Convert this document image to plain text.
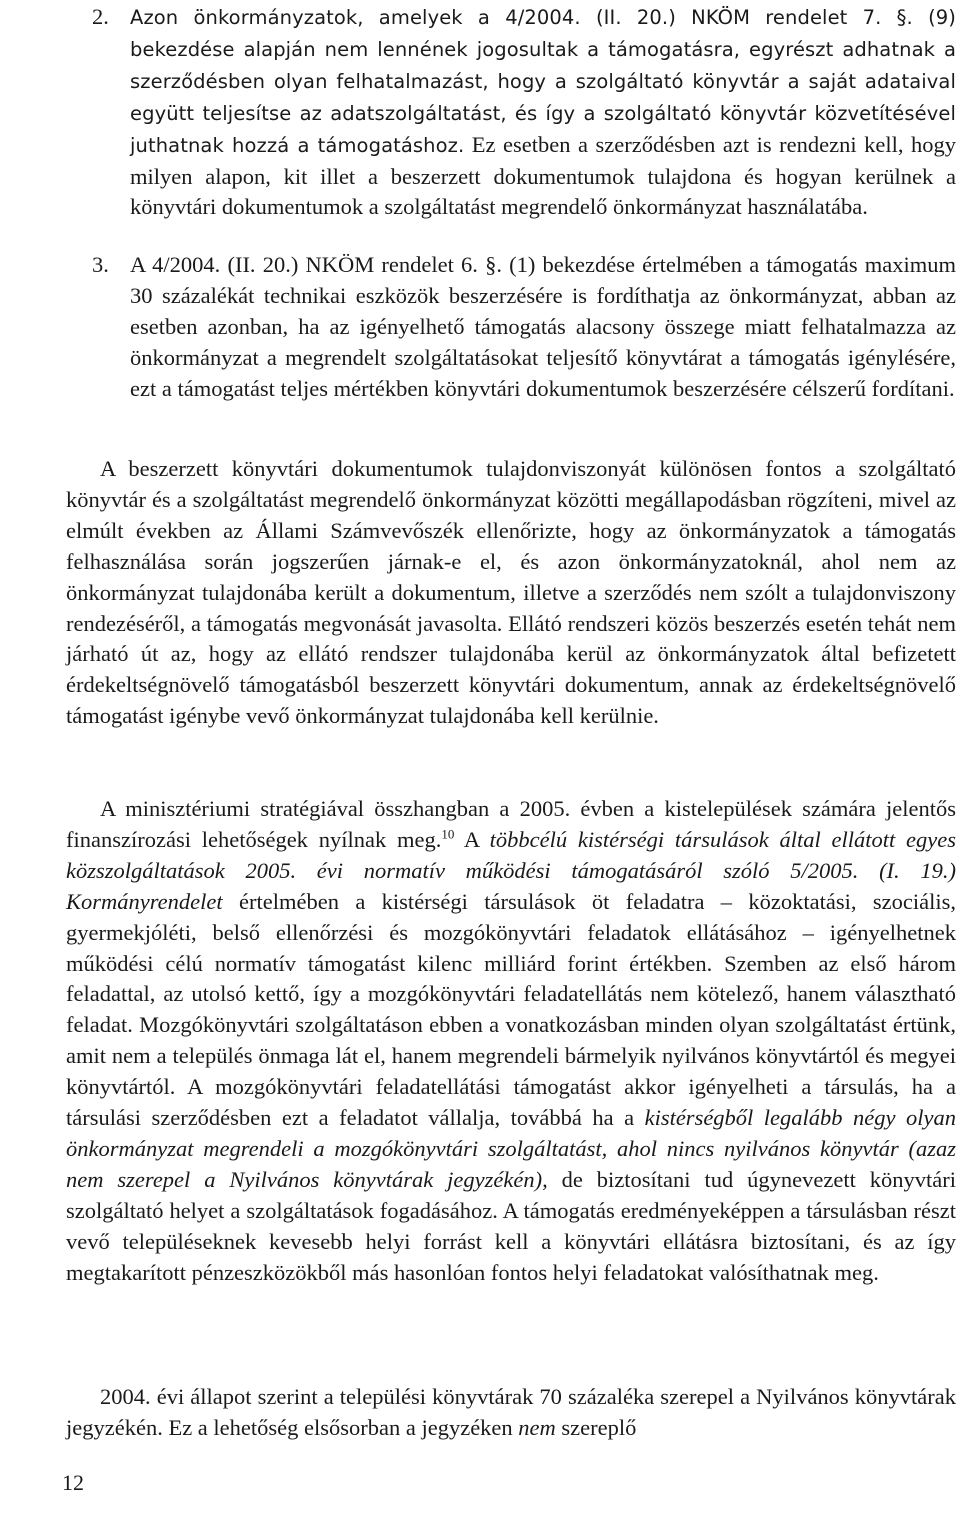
2. Azon önkormányzatok, amelyek a 4/2004. (II. 20.) NKÖM rendelet 7. §. (9) bekezdése alapján nem lennének jogosultak a támogatásra, egyrészt adhatnak a szerződésben olyan felhatalmazást, hogy a szolgáltató könyvtár a saját adataival együtt teljesítse az adatszolgáltatást, és így a szolgáltató könyvtár közvetítésével juthatnak hozzá a támogatáshoz. Ez esetben a szerződésben azt is rendezni kell, hogy milyen alapon, kit illet a beszerzett dokumentumok tulajdona és hogyan kerülnek a könyvtári dokumentumok a szolgáltatást megrendelő önkormányzat használatába.
3. A 4/2004. (II. 20.) NKÖM rendelet 6. §. (1) bekezdése értelmében a támogatás maximum 30 százalékát technikai eszközök beszerzésére is fordíthatja az önkormányzat, abban az esetben azonban, ha az igényelhető támogatás alacsony összege miatt felhatalmazza az önkormányzat a megrendelt szolgáltatásokat teljesítő könyvtárat a támogatás igénylésére, ezt a támogatást teljes mértékben könyvtári dokumentumok beszerzésére célszerű fordítani.

A beszerzett könyvtári dokumentumok tulajdonviszonyát különösen fontos a szolgáltató könyvtár és a szolgáltatást megrendelő önkormányzat közötti megállapodásban rögzíteni, mivel az elmúlt években az Állami Számvevőszék ellenőrizte, hogy az önkormányzatok a támogatás felhasználása során jogszerűen járnak-e el, és azon önkormányzatoknál, ahol nem az önkormányzat tulajdonába került a dokumentum, illetve a szerződés nem szólt a tulajdonviszony rendezéséről, a támogatás megvonását javasolta. Ellátó rendszeri közös beszerzés esetén tehát nem járható út az, hogy az ellátó rendszer tulajdonába kerül az önkormányzatok által befizetett érdekeltségnövelő támogatásból beszerzett könyvtári dokumentum, annak az érdekeltségnövelő támogatást igénybe vevő önkormányzat tulajdonába kell kerülnie.

A minisztériumi stratégiával összhangban a 2005. évben a kistelepülések számára jelentős finanszírozási lehetőségek nyílnak meg.$^{10}$ A többcélú kistérségi társulások által ellátott egyes közszolgáltatások 2005. évi normatív működési támogatásáról szóló 5/2005. (I. 19.) Kormányrendelet értelmében a kistérségi társulások öt feladatra – közoktatási, szociális, gyermekjóléti, belső ellenőrzési és mozgókönyvtári feladatok ellátásához – igényelhetnek működési célú normatív támogatást kilenc milliárd forint értékben. Szemben az első három feladattal, az utolsó kettő, így a mozgókönyvtári feladatellátás nem kötelező, hanem választható feladat. Mozgókönyvtári szolgáltatáson ebben a vonatkozásban minden olyan szolgáltatást értünk, amit nem a település önmaga lát el, hanem megrendeli bármelyik nyilvános könyvtártól és megyei könyvtártól. A mozgókönyvtári feladatellátási támogatást akkor igényelheti a társulás, ha a társulási szerződésben ezt a feladatot vállalja, továbbá ha a kistérségből legalább négy olyan önkormányzat megrendeli a mozgókönyvtári szolgáltatást, ahol nincs nyilvános könyvtár (azaz nem szerepel a Nyilvános könyvtárak jegyzékén), de biztosítani tud úgynevezett könyvtári szolgáltató helyet a szolgáltatások fogadásához. A támogatás eredményeképpen a társulásban részt vevő településeknek kevesebb helyi forrást kell a könyvtári ellátásra biztosítani, és az így megtakarított pénzeszközökből más hasonlóan fontos helyi feladatokat valósíthatnak meg.

2004. évi állapot szerint a települési könyvtárak 70 százaléka szerepel a Nyilvános könyvtárak jegyzékén. Ez a lehetőség elsősorban a jegyzéken nem szereplő

12
